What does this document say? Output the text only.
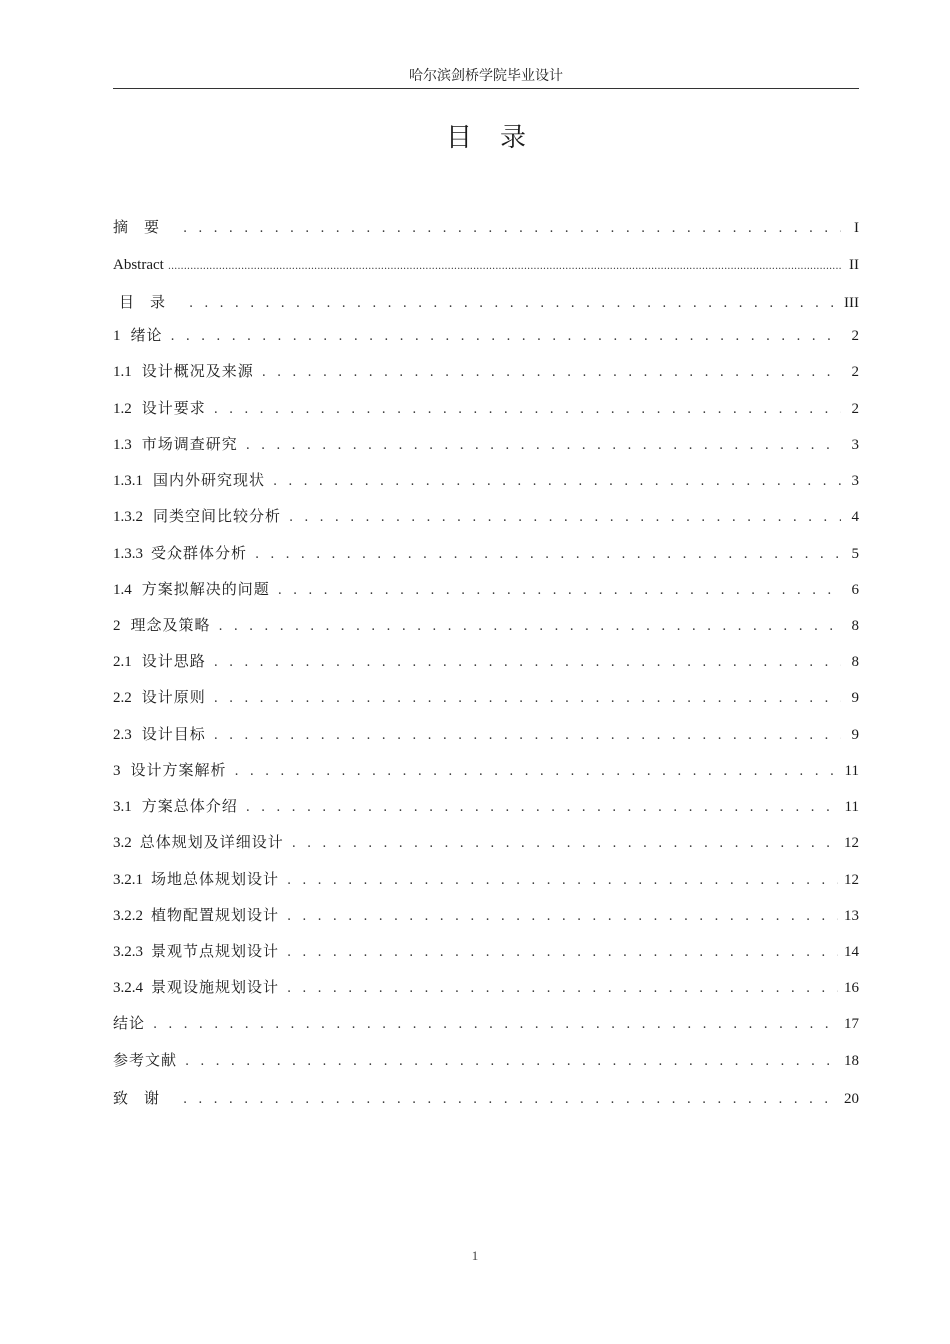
哈尔滨剑桥学院毕业设计
目录
摘要 . . .	I
Abstract .....	II
目录 . . .	III
1 绪论 . . .	2
1.1 设计概况及来源 . . .	2
1.2 设计要求 . . .	2
1.3 市场调查研究 . . .	3
1.3.1 国内外研究现状 . . .	3
1.3.2 同类空间比较分析 . . .	4
1.3.3 受众群体分析 . . .	5
1.4 方案拟解决的问题 . . .	6
2 理念及策略 . . .	8
2.1 设计思路 . . .	8
2.2 设计原则 . . .	9
2.3 设计目标 . . .	9
3 设计方案解析 . . .	11
3.1 方案总体介绍 . . .	11
3.2 总体规划及详细设计 . . .	12
3.2.1 场地总体规划设计 . . .	12
3.2.2 植物配置规划设计 . . .	13
3.2.3 景观节点规划设计 . . .	14
3.2.4 景观设施规划设计 . . .	16
结论 . . .	17
参考文献 . . .	18
致谢 . . .	20
1
